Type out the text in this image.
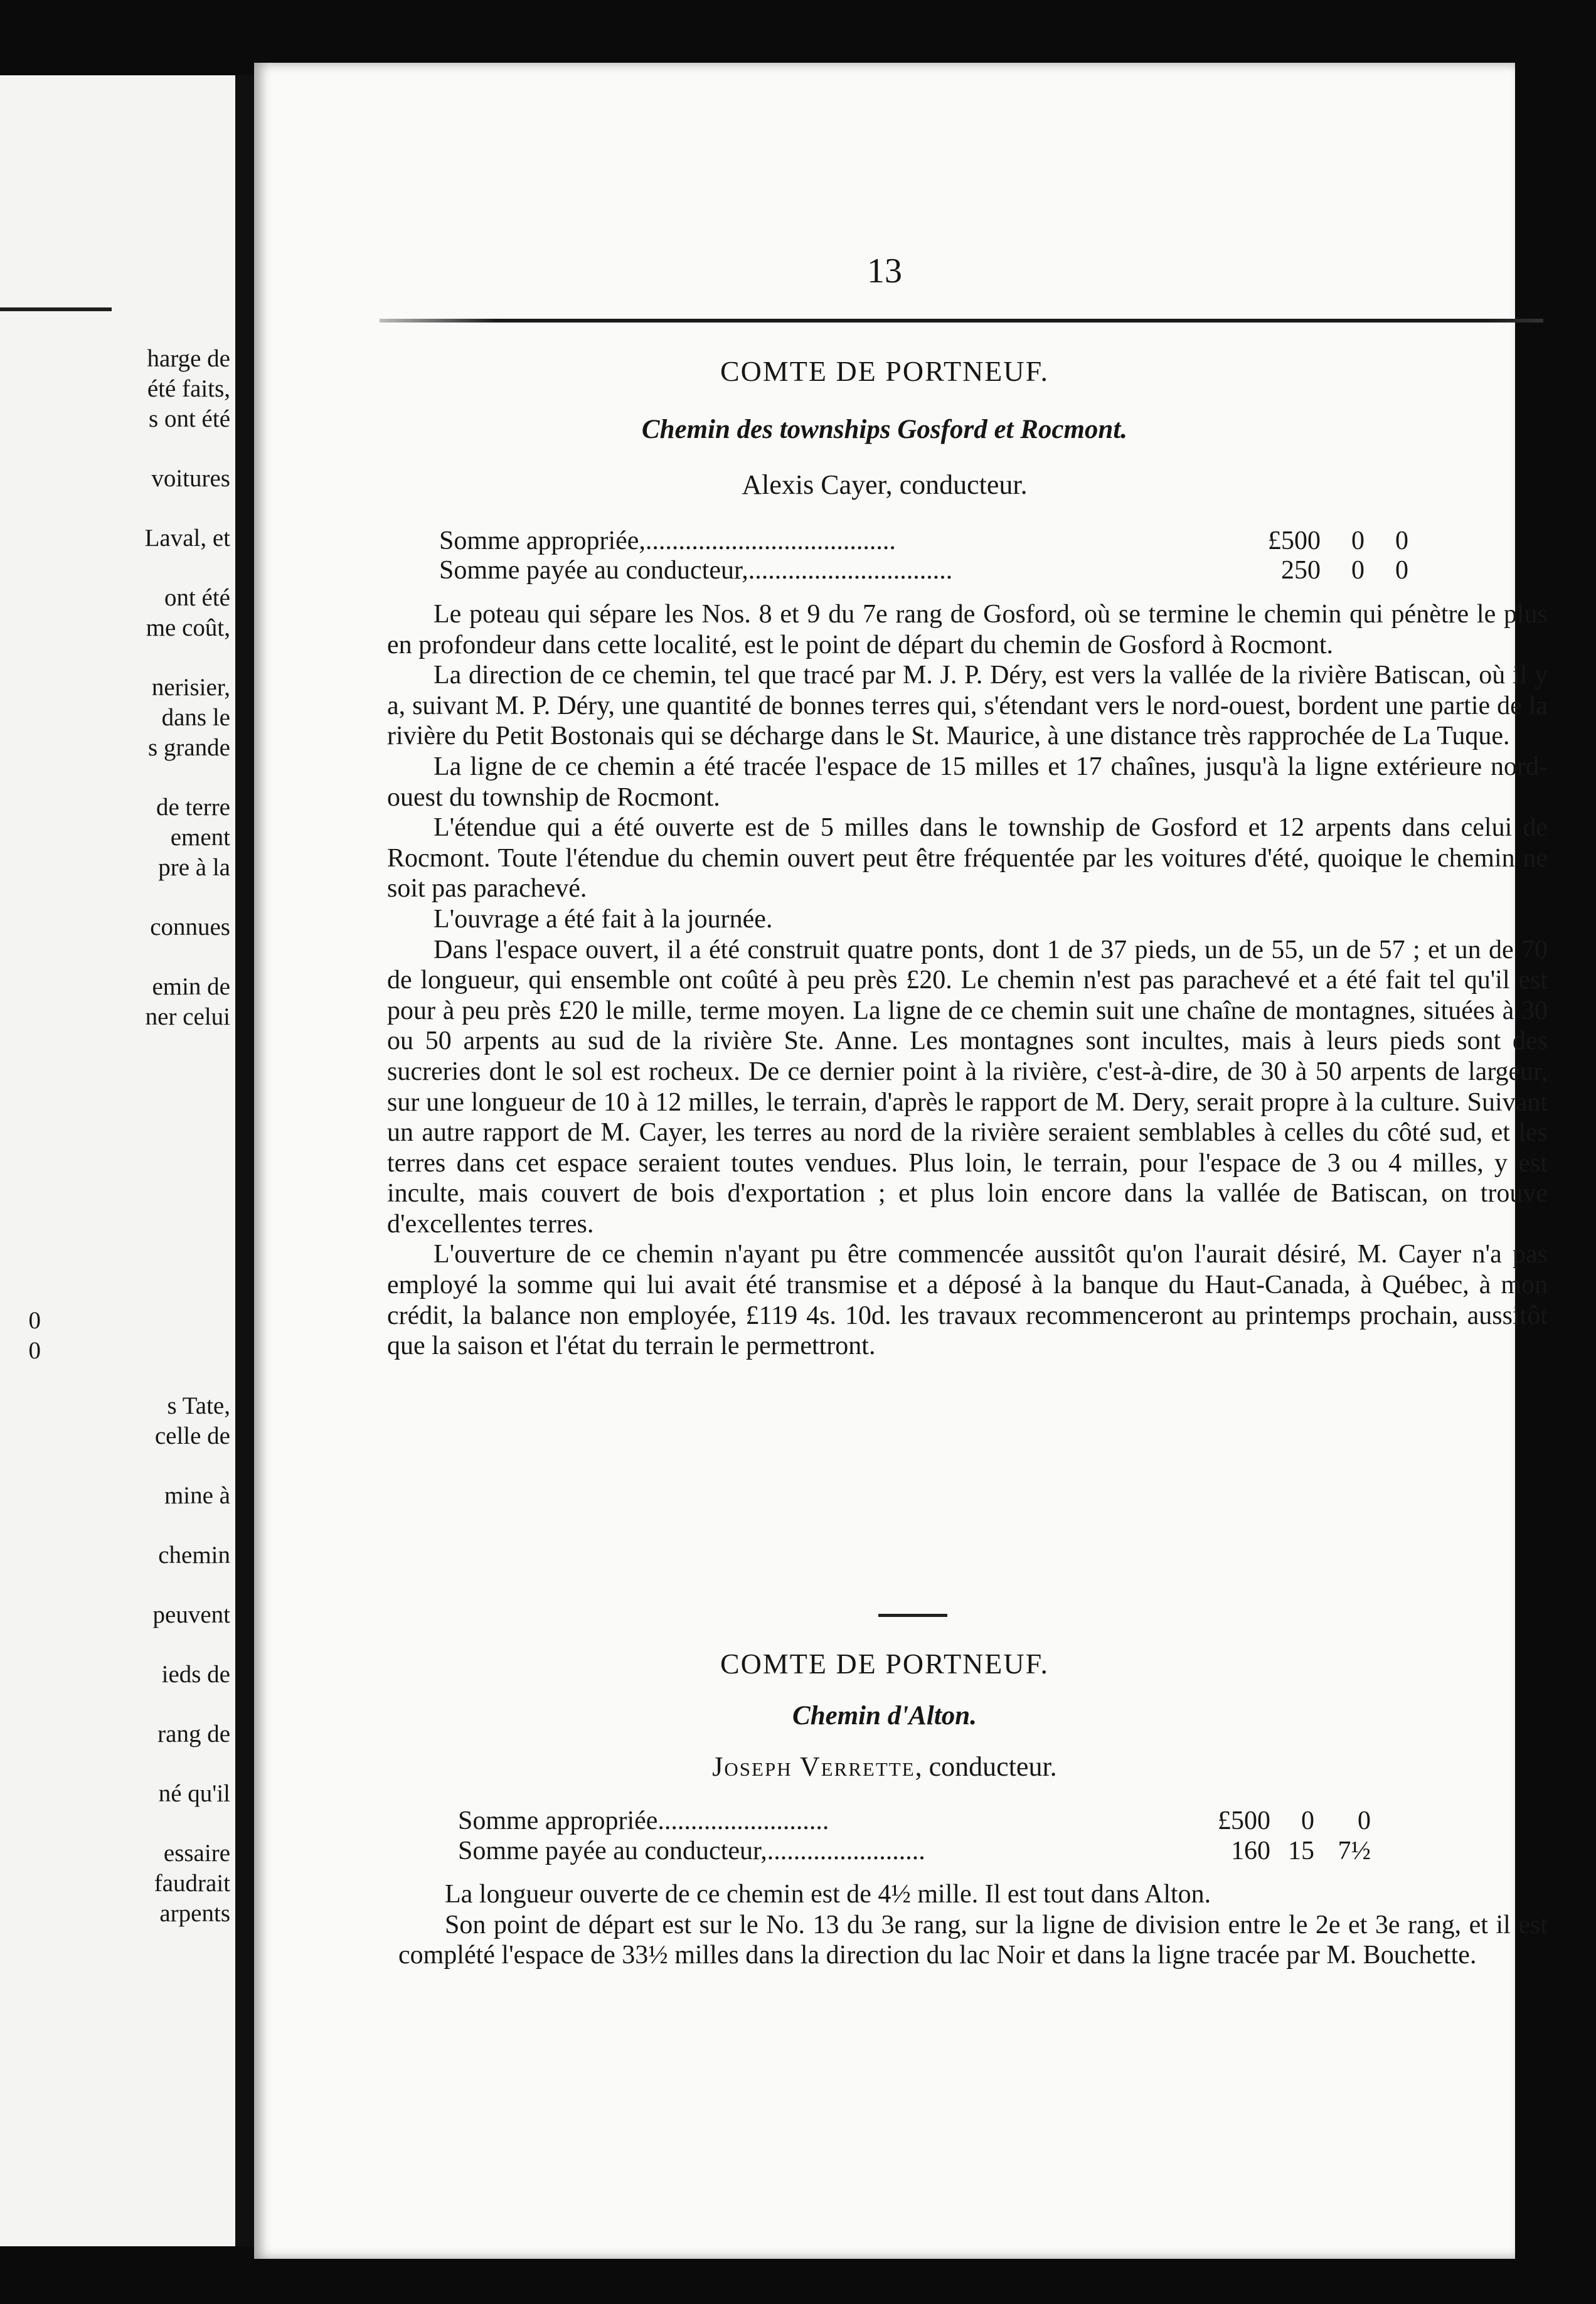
harge de
été faits,
s ont été
voitures
Laval, et
ont été
me coût,
nerisier,
dans le
s grande
de terre
ement
pre à la
connues
emin de
ner celui
0
0
s Tate,
celle de
mine à
chemin
peuvent
ieds de
rang de
né qu'il
essaire
faudrait
arpents
13
COMTE DE PORTNEUF.
Chemin des townships Gosford et Rocmont.
Alexis Cayer, conducteur.
Somme appropriée,......................................	£500	0	0
Somme payée au conducteur,...............................	250	0	0

Le poteau qui sépare les Nos. 8 et 9 du 7e rang de Gosford, où se termine le chemin qui pénètre le plus en profondeur dans cette localité, est le point de départ du chemin de Gosford à Rocmont.

La direction de ce chemin, tel que tracé par M. J. P. Déry, est vers la vallée de la rivière Batiscan, où il y a, suivant M. P. Déry, une quantité de bonnes terres qui, s'étendant vers le nord-ouest, bordent une partie de la rivière du Petit Bostonais qui se décharge dans le St. Maurice, à une distance très rapprochée de La Tuque.

La ligne de ce chemin a été tracée l'espace de 15 milles et 17 chaînes, jusqu'à la ligne extérieure nord-ouest du township de Rocmont.

L'étendue qui a été ouverte est de 5 milles dans le township de Gosford et 12 arpents dans celui de Rocmont. Toute l'étendue du chemin ouvert peut être fréquentée par les voitures d'été, quoique le chemin ne soit pas parachevé.

L'ouvrage a été fait à la journée.

Dans l'espace ouvert, il a été construit quatre ponts, dont 1 de 37 pieds, un de 55, un de 57 ; et un de 70 de longueur, qui ensemble ont coûté à peu près £20. Le chemin n'est pas parachevé et a été fait tel qu'il est pour à peu près £20 le mille, terme moyen. La ligne de ce chemin suit une chaîne de montagnes, situées à 30 ou 50 arpents au sud de la rivière Ste. Anne. Les montagnes sont incultes, mais à leurs pieds sont des sucreries dont le sol est rocheux. De ce dernier point à la rivière, c'est-à-dire, de 30 à 50 arpents de largeur, sur une longueur de 10 à 12 milles, le terrain, d'après le rapport de M. Dery, serait propre à la culture. Suivant un autre rapport de M. Cayer, les terres au nord de la rivière seraient semblables à celles du côté sud, et les terres dans cet espace seraient toutes vendues. Plus loin, le terrain, pour l'espace de 3 ou 4 milles, y est inculte, mais couvert de bois d'exportation ; et plus loin encore dans la vallée de Batiscan, on trouve d'excellentes terres.

L'ouverture de ce chemin n'ayant pu être commencée aussitôt qu'on l'aurait désiré, M. Cayer n'a pas employé la somme qui lui avait été transmise et a déposé à la banque du Haut-Canada, à Québec, à mon crédit, la balance non employée, £119 4s. 10d. les travaux recommenceront au printemps prochain, aussitôt que la saison et l'état du terrain le permettront.

COMTE DE PORTNEUF.
Chemin d'Alton.
Joseph Verrette, conducteur.
Somme appropriée..........................	£500	0	0
Somme payée au conducteur,........................	160 15 7½

La longueur ouverte de ce chemin est de 4½ mille. Il est tout dans Alton.

Son point de départ est sur le No. 13 du 3e rang, sur la ligne de division entre le 2e et 3e rang, et il est complété l'espace de 33½ milles dans la direction du lac Noir et dans la ligne tracée par M. Bouchette.
